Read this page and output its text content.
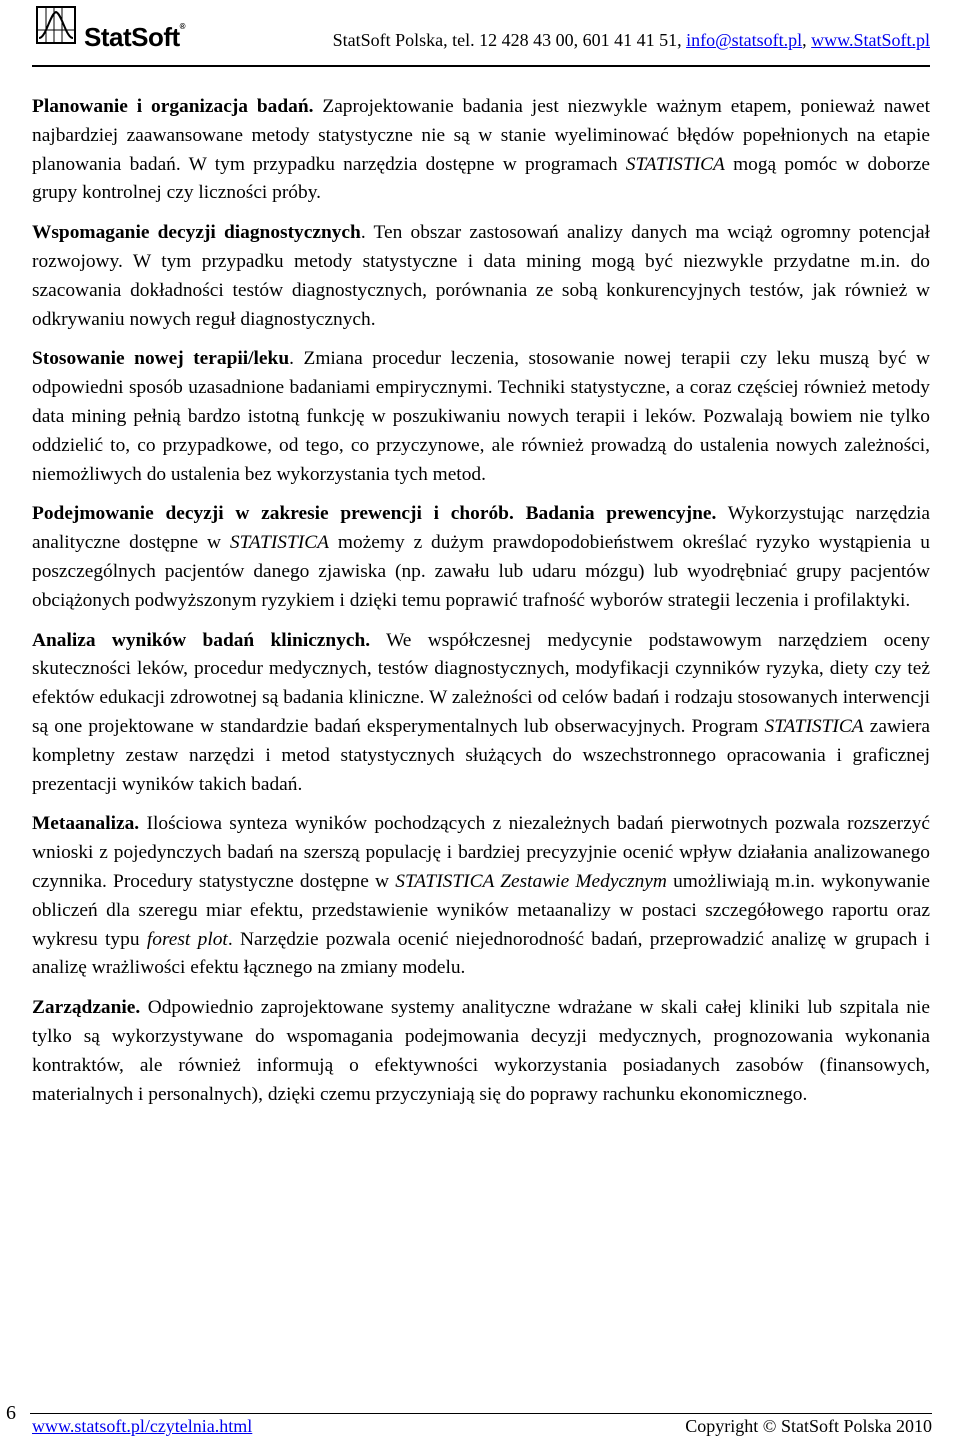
StatSoft®
StatSoft Polska, tel. 12 428 43 00, 601 41 41 51, info@statsoft.pl, www.StatSoft.pl

Planowanie i organizacja badań. Zaprojektowanie badania jest niezwykle ważnym etapem, ponieważ nawet najbardziej zaawansowane metody statystyczne nie są w stanie wyeliminować błędów popełnionych na etapie planowania badań. W tym przypadku narzędzia dostępne w programach STATISTICA mogą pomóc w doborze grupy kontrolnej czy liczności próby.

Wspomaganie decyzji diagnostycznych. Ten obszar zastosowań analizy danych ma wciąż ogromny potencjał rozwojowy. W tym przypadku metody statystyczne i data mining mogą być niezwykle przydatne m.in. do szacowania dokładności testów diagnostycznych, porównania ze sobą konkurencyjnych testów, jak również w odkrywaniu nowych reguł diagnostycznych.

Stosowanie nowej terapii/leku. Zmiana procedur leczenia, stosowanie nowej terapii czy leku muszą być w odpowiedni sposób uzasadnione badaniami empirycznymi. Techniki statystyczne, a coraz częściej również metody data mining pełnią bardzo istotną funkcję w poszukiwaniu nowych terapii i leków. Pozwalają bowiem nie tylko oddzielić to, co przypadkowe, od tego, co przyczynowe, ale również prowadzą do ustalenia nowych zależności, niemożliwych do ustalenia bez wykorzystania tych metod.

Podejmowanie decyzji w zakresie prewencji i chorób. Badania prewencyjne. Wykorzystując narzędzia analityczne dostępne w STATISTICA możemy z dużym prawdopodobieństwem określać ryzyko wystąpienia u poszczególnych pacjentów danego zjawiska (np. zawału lub udaru mózgu) lub wyodrębniać grupy pacjentów obciążonych podwyższonym ryzykiem i dzięki temu poprawić trafność wyborów strategii leczenia i profilaktyki.

Analiza wyników badań klinicznych. We współczesnej medycynie podstawowym narzędziem oceny skuteczności leków, procedur medycznych, testów diagnostycznych, modyfikacji czynników ryzyka, diety czy też efektów edukacji zdrowotnej są badania kliniczne. W zależności od celów badań i rodzaju stosowanych interwencji są one projektowane w standardzie badań eksperymentalnych lub obserwacyjnych. Program STATISTICA zawiera kompletny zestaw narzędzi i metod statystycznych służących do wszechstronnego opracowania i graficznej prezentacji wyników takich badań.

Metaanaliza. Ilościowa synteza wyników pochodzących z niezależnych badań pierwotnych pozwala rozszerzyć wnioski z pojedynczych badań na szerszą populację i bardziej precyzyjnie ocenić wpływ działania analizowanego czynnika. Procedury statystyczne dostępne w STATISTICA Zestawie Medycznym umożliwiają m.in. wykonywanie obliczeń dla szeregu miar efektu, przedstawienie wyników metaanalizy w postaci szczegółowego raportu oraz wykresu typu forest plot. Narzędzie pozwala ocenić niejednorodność badań, przeprowadzić analizę w grupach i analizę wrażliwości efektu łącznego na zmiany modelu.

Zarządzanie. Odpowiednio zaprojektowane systemy analityczne wdrażane w skali całej kliniki lub szpitala nie tylko są wykorzystywane do wspomagania podejmowania decyzji medycznych, prognozowania wykonania kontraktów, ale również informują o efektywności wykorzystania posiadanych zasobów (finansowych, materialnych i personalnych), dzięki czemu przyczyniają się do poprawy rachunku ekonomicznego.

6
www.statsoft.pl/czytelnia.html	Copyright © StatSoft Polska 2010
